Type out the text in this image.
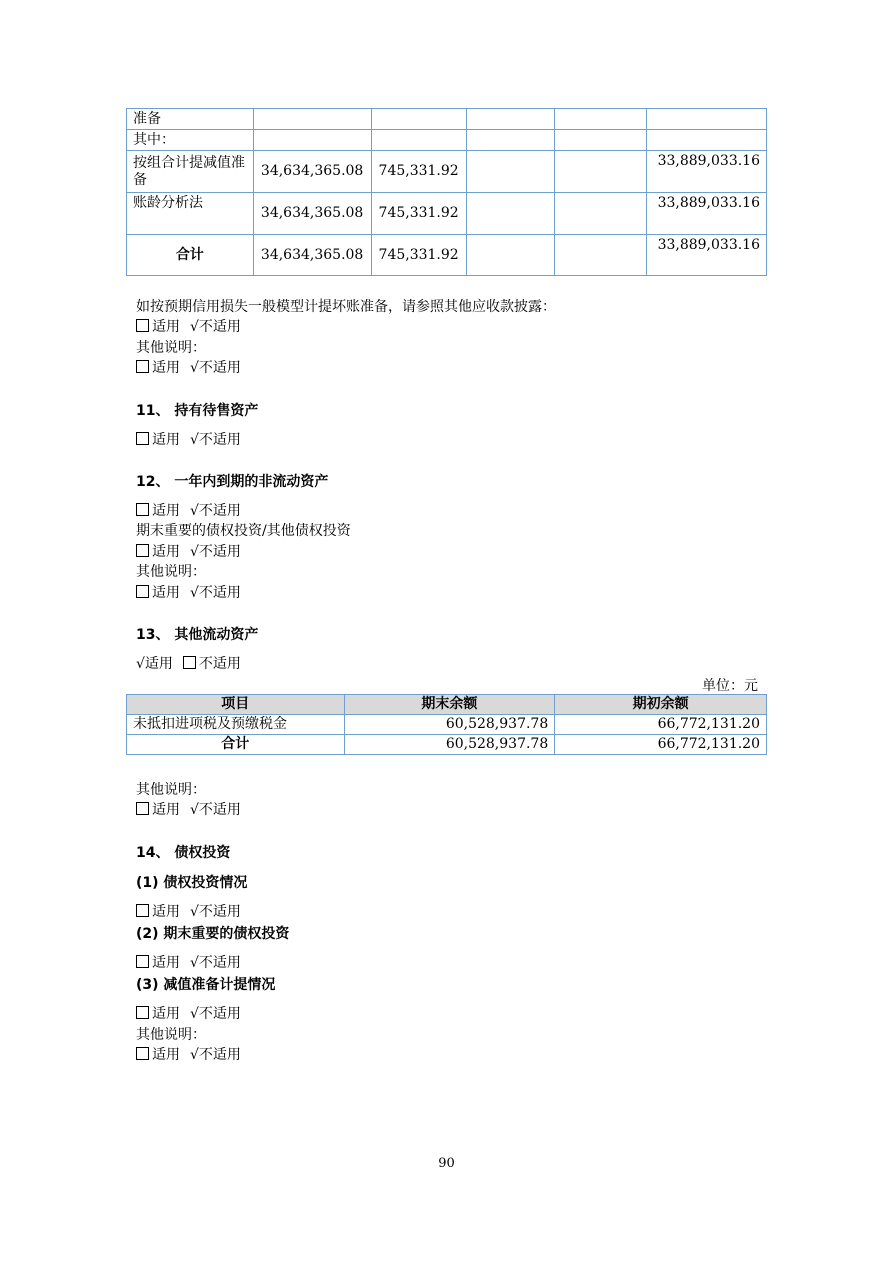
准备					
其中：					
按组合计提减值准备	34,634,365.08	745,331.92			33,889,033.16
账龄分析法	34,634,365.08	745,331.92			33,889,033.16
合计	34,634,365.08	745,331.92			33,889,033.16
如按预期信用损失一般模型计提坏账准备，请参照其他应收款披露：
适用 √不适用
其他说明：
适用 √不适用
11、 持有待售资产
适用 √不适用
12、 一年内到期的非流动资产
适用 √不适用
期末重要的债权投资/其他债权投资
适用 √不适用
其他说明：
适用 √不适用
13、 其他流动资产
√适用 不适用
单位：元
项目	期末余额	期初余额
未抵扣进项税及预缴税金	60,528,937.78	66,772,131.20
合计	60,528,937.78	66,772,131.20
其他说明：
适用 √不适用
14、 债权投资
(1) 债权投资情况
适用 √不适用
(2) 期末重要的债权投资
适用 √不适用
(3) 减值准备计提情况
适用 √不适用
其他说明：
适用 √不适用
90
